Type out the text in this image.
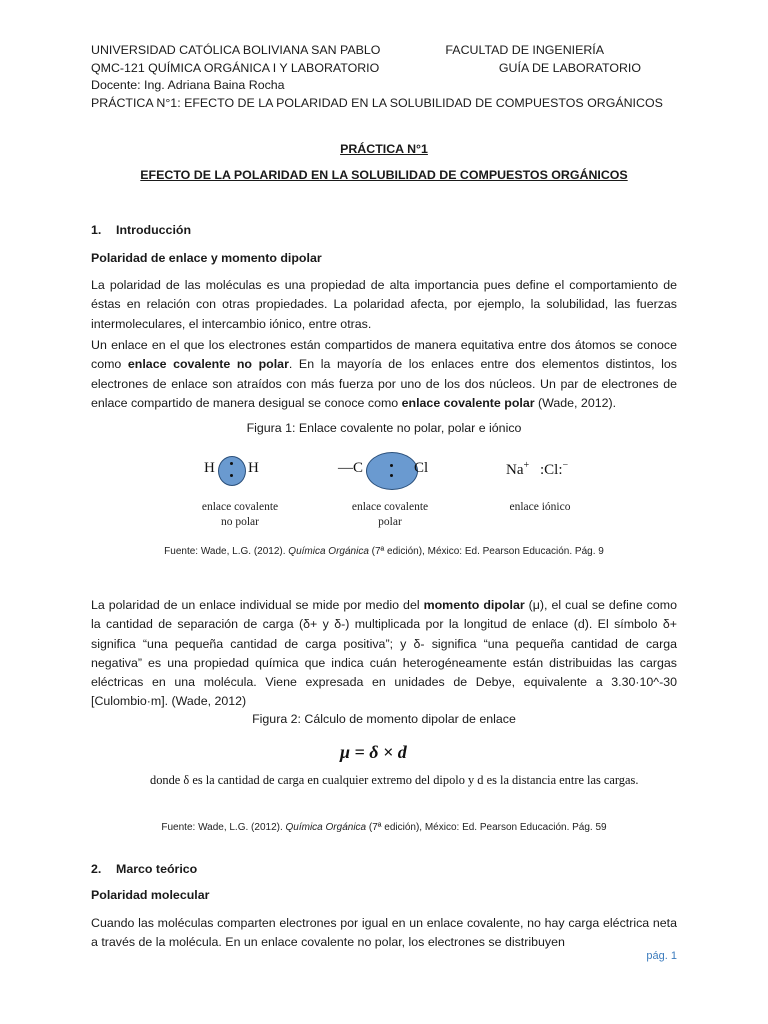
UNIVERSIDAD CATÓLICA BOLIVIANA SAN PABLO	FACULTAD DE INGENIERÍA
QMC-121 QUÍMICA ORGÁNICA I Y LABORATORIO	GUÍA DE LABORATORIO
Docente: Ing. Adriana Baina Rocha
PRÁCTICA N°1: EFECTO DE LA POLARIDAD EN LA SOLUBILIDAD DE COMPUESTOS ORGÁNICOS
PRÁCTICA N°1
EFECTO DE LA POLARIDAD EN LA SOLUBILIDAD DE COMPUESTOS ORGÁNICOS
1. Introducción
Polaridad de enlace y momento dipolar
La polaridad de las moléculas es una propiedad de alta importancia pues define el comportamiento de éstas en relación con otras propiedades. La polaridad afecta, por ejemplo, la solubilidad, las fuerzas intermoleculares, el intercambio iónico, entre otras.
Un enlace en el que los electrones están compartidos de manera equitativa entre dos átomos se conoce como enlace covalente no polar. En la mayoría de los enlaces entre dos elementos distintos, los electrones de enlace son atraídos con más fuerza por uno de los dos núcleos. Un par de electrones de enlace compartido de manera desigual se conoce como enlace covalente polar (Wade, 2012).
Figura 1: Enlace covalente no polar, polar e iónico
H H	—C	Cl	Na+ :Cl:−
enlace covalente
no polar
enlace covalente
polar
enlace iónico
Fuente: Wade, L.G. (2012). Química Orgánica (7ª edición), México: Ed. Pearson Educación. Pág. 9
La polaridad de un enlace individual se mide por medio del momento dipolar (μ), el cual se define como la cantidad de separación de carga (δ+ y δ-) multiplicada por la longitud de enlace (d). El símbolo δ+ significa “una pequeña cantidad de carga positiva”; y δ- significa “una pequeña cantidad de carga negativa” es una propiedad química que indica cuán heterogéneamente están distribuidas las cargas eléctricas en una molécula. Viene expresada en unidades de Debye, equivalente a 3.30·10^-30 [Culombio·m]. (Wade, 2012)
Figura 2: Cálculo de momento dipolar de enlace
μ = δ × d
donde δ es la cantidad de carga en cualquier extremo del dipolo y d es la distancia entre las cargas.
Fuente: Wade, L.G. (2012). Química Orgánica (7ª edición), México: Ed. Pearson Educación. Pág. 59
2. Marco teórico
Polaridad molecular
Cuando las moléculas comparten electrones por igual en un enlace covalente, no hay carga eléctrica neta a través de la molécula. En un enlace covalente no polar, los electrones se distribuyen
pág. 1
